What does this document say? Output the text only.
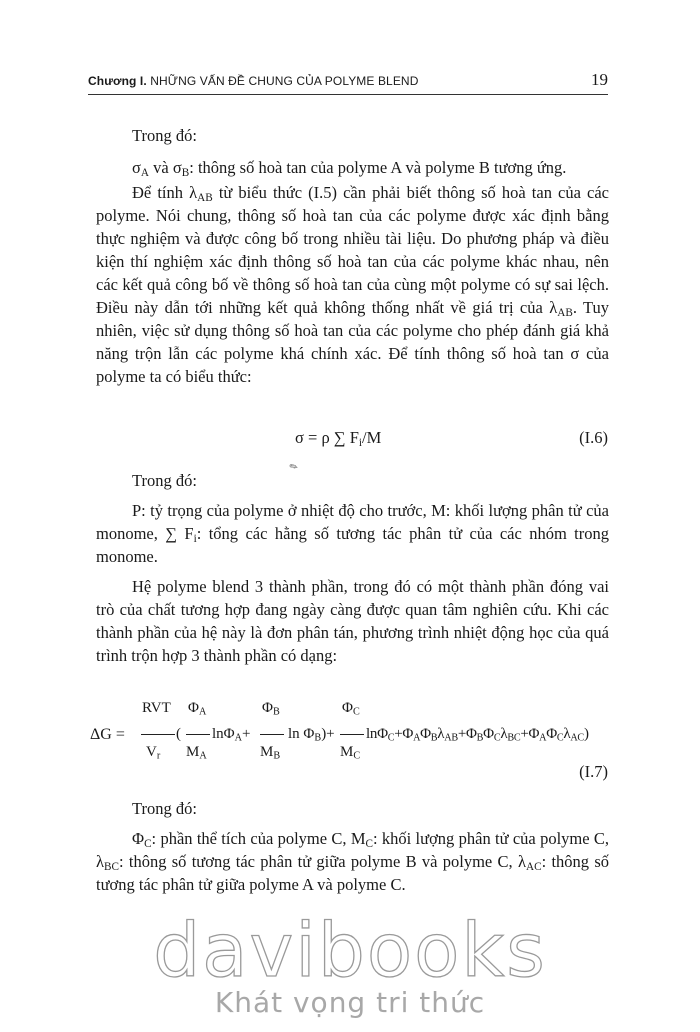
Chương I. NHỮNG VẤN ĐỀ CHUNG CỦA POLYME BLEND	19
Trong đó:
$\sigma_A$ và $\sigma_B$: thông số hoà tan của polyme A và polyme B tương ứng.

Để tính $\lambda_{AB}$ từ biểu thức (I.5) cần phải biết thông số hoà tan của các polyme. Nói chung, thông số hoà tan của các polyme được xác định bằng thực nghiệm và được công bố trong nhiều tài liệu. Do phương pháp và điều kiện thí nghiệm xác định thông số hoà tan của các polyme khác nhau, nên các kết quả công bố về thông số hoà tan của cùng một polyme có sự sai lệch. Điều này dẫn tới những kết quả không thống nhất về giá trị của $\lambda_{AB}$. Tuy nhiên, việc sử dụng thông số hoà tan của các polyme cho phép đánh giá khả năng trộn lẫn các polyme khá chính xác. Để tính thông số hoà tan σ của polyme ta có biểu thức:

σ = ρ ∑ $F_i/M$	(I.6)
✎
Trong đó:

P: tỷ trọng của polyme ở nhiệt độ cho trước, M: khối lượng phân tử của monome, ∑ $F_i$: tổng các hằng số tương tác phân tử của các nhóm trong monome.

Hệ polyme blend 3 thành phần, trong đó có một thành phần đóng vai trò của chất tương hợp đang ngày càng được quan tâm nghiên cứu. Khi các thành phần của hệ này là đơn phân tán, phương trình nhiệt động học của quá trình trộn hợp 3 thành phần có dạng:

ΔG =
RVT
$V_r$
(
$\Phi_A$
$M_A$
lnΦ$_A$+
$\Phi_B$
$M_B$
$\ln \Phi_B)+$
$\Phi_C$
$M_C$
$\ln\Phi_C+\Phi_A\Phi_B\lambda_{AB}+\Phi_B\Phi_C\lambda_{BC}+\Phi_A\Phi_C\lambda_{AC}$)
(I.7)
Trong đó:

$\Phi_C$: phần thể tích của polyme C, $M_C$: khối lượng phân tử của polyme C, $\lambda_{BC}$: thông số tương tác phân tử giữa polyme B và polyme C, $\lambda_{AC}$: thông số tương tác phân tử giữa polyme A và polyme C.

davibooks
Khát vọng tri thức
